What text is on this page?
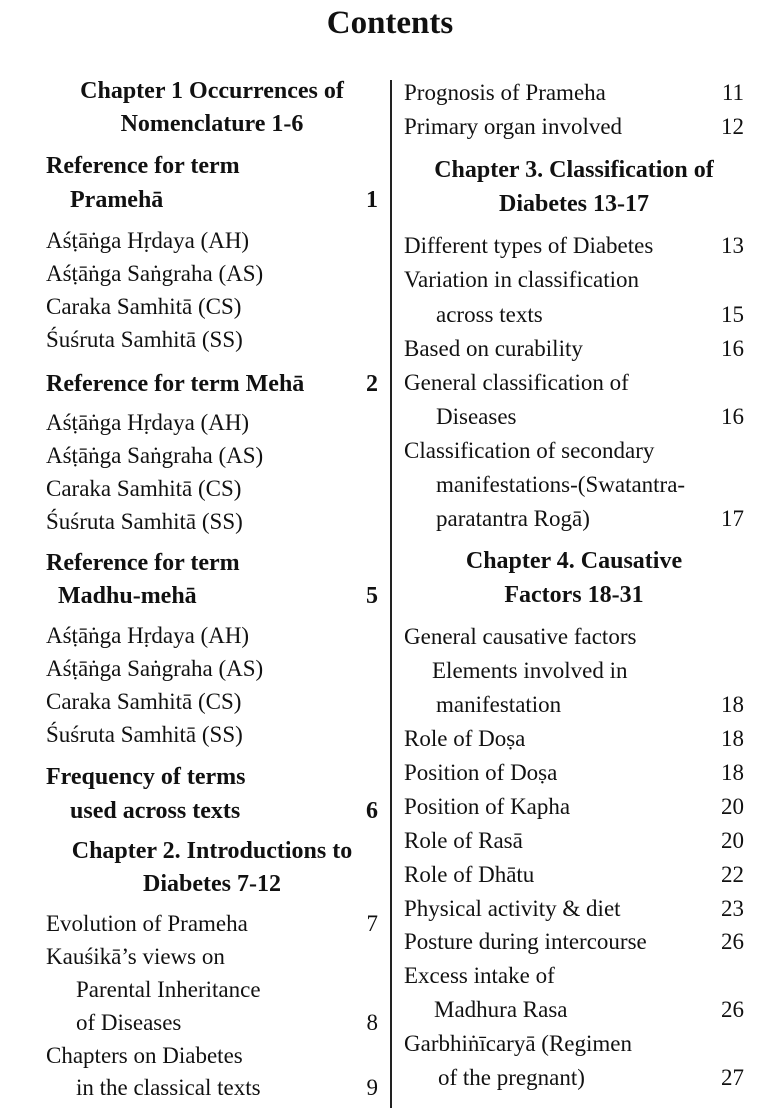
Contents
Chapter 1 Occurrences of
Nomenclature 1-6
Reference for term
Pramehā	1
Aśṭāṅga Hṛdaya (AH)
Aśṭāṅga Saṅgraha (AS)
Caraka Samhitā (CS)
Śuśruta Samhitā (SS)
Reference for term Mehā	2
Aśṭāṅga Hṛdaya (AH)
Aśṭāṅga Saṅgraha (AS)
Caraka Samhitā (CS)
Śuśruta Samhitā (SS)
Reference for term
Madhu-mehā	5
Aśṭāṅga Hṛdaya (AH)
Aśṭāṅga Saṅgraha (AS)
Caraka Samhitā (CS)
Śuśruta Samhitā (SS)
Frequency of terms
used across texts	6
Chapter 2. Introductions to
Diabetes 7-12
Evolution of Prameha	7
Kauśikā’s views on
Parental Inheritance
of Diseases	8
Chapters on Diabetes
in the classical texts	9
Prognosis of Prameha	11
Primary organ involved	12
Chapter 3. Classification of
Diabetes 13-17
Different types of Diabetes	13
Variation in classification
across texts	15
Based on curability	16
General classification of
Diseases	16
Classification of secondary
manifestations-(Swatantra-
paratantra Rogā)	17
Chapter 4. Causative
Factors 18-31
General causative factors
Elements involved in
manifestation	18
Role of Doṣa	18
Position of Doṣa	18
Position of Kapha	20
Role of Rasā	20
Role of Dhātu	22
Physical activity & diet	23
Posture during intercourse	26
Excess intake of
Madhura Rasa	26
Garbhiṅīcaryā (Regimen
of the pregnant)	27
